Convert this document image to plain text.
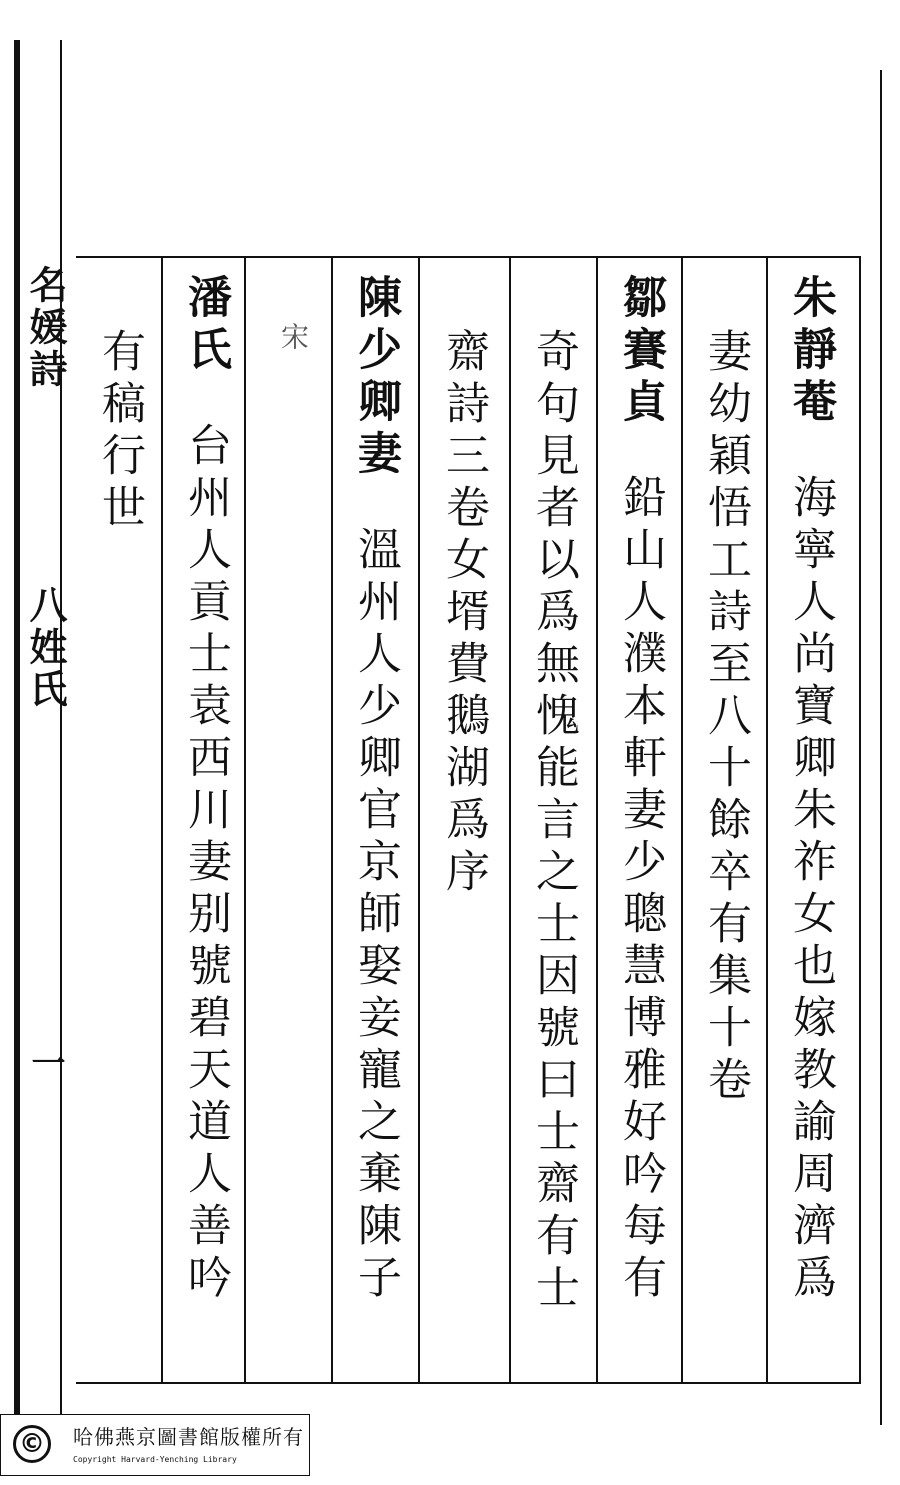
名媛詩
八姓氏
一
朱靜菴海寧人尚寶卿朱祚女也嫁教諭周濟爲
妻幼穎悟工詩至八十餘卒有集十卷
鄒賽貞鉛山人濮本軒妻少聰慧博雅好吟每有
奇句見者以爲無愧能言之士因號曰士齋有士
齋詩三卷女壻費鵝湖爲序
陳少卿妻溫州人少卿官京師娶妾寵之棄陳子
宋
潘氏台州人貢士袁西川妻别號碧天道人善吟
有稿行世
©	哈佛燕京圖書館版權所有
Copyright Harvard-Yenching Library
